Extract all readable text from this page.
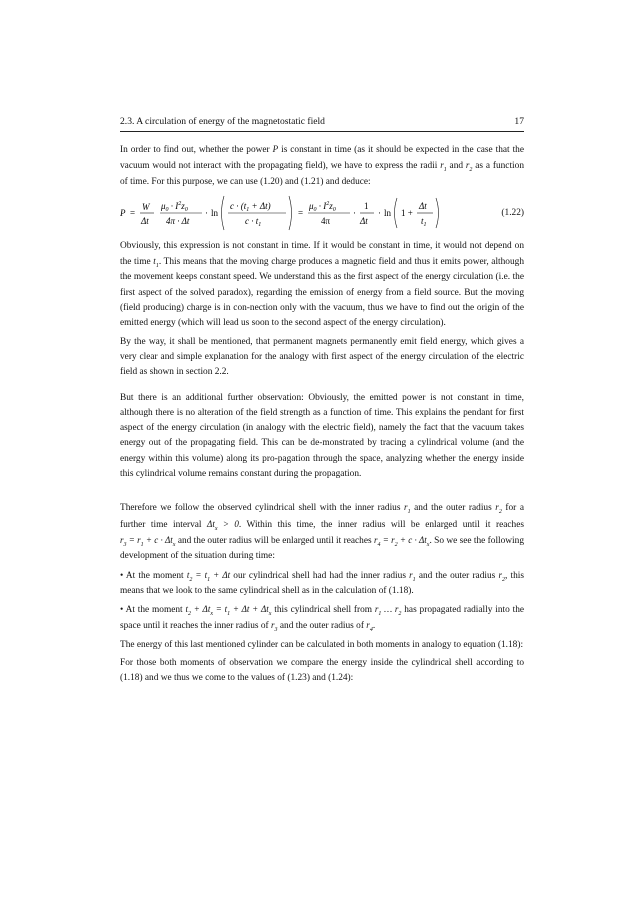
2.3. A circulation of energy of the magnetostatic field	17

In order to find out, whether the power P is constant in time (as it should be expected in the case that the vacuum would not interact with the propagating field), we have to express the radii $r_1$ and $r_2$ as a function of time. For this purpose, we can use (1.20) and (1.21) and deduce:

P =
W
Δt
$\mu_0 \cdot I^2z_0$
4π · Δt
· ln
$c \cdot (t_1 + \Delta t)$
$c \cdot t_1$
=
$\mu_0 \cdot I^2z_0$
4π
·
1
Δt
· ln 1 +
Δt
$t_1$
(1.22)

Obviously, this expression is not constant in time. If it would be constant in time, it would not depend on the time $t_1$. This means that the moving charge produces a magnetic field and thus it emits power, although the movement keeps constant speed. We understand this as the first aspect of the energy circulation (i.e. the first aspect of the solved paradox), regarding the emission of energy from a field source. But the moving (field producing) charge is in con-nection only with the vacuum, thus we have to find out the origin of the emitted energy (which will lead us soon to the second aspect of the energy circulation).

By the way, it shall be mentioned, that permanent magnets permanently emit field energy, which gives a very clear and simple explanation for the analogy with first aspect of the energy circulation of the electric field as shown in section 2.2.

But there is an additional further observation: Obviously, the emitted power is not constant in time, although there is no alteration of the field strength as a function of time. This explains the pendant for first aspect of the energy circulation (in analogy with the electric field), namely the fact that the vacuum takes energy out of the propagating field. This can be de-monstrated by tracing a cylindrical volume (and the energy within this volume) along its pro-pagation through the space, analyzing whether the energy inside this cylindrical volume remains constant during the propagation.

Therefore we follow the observed cylindrical shell with the inner radius $r_1$ and the outer radius $r_2$ for a further time interval $\Delta t_x > 0$. Within this time, the inner radius will be enlarged until it reaches $r_3 = r_1 + c \cdot \Delta t_x$ and the outer radius will be enlarged until it reaches $r_4 = r_2 + c \cdot \Delta t_x$. So we see the following development of the situation during time:

• At the moment $t_2 = t_1 + \Delta t$ our cylindrical shell had had the inner radius $r_1$ and the outer radius $r_2$, this means that we look to the same cylindrical shell as in the calculation of (1.18).

• At the moment $t_2 + \Delta t_x = t_1 + \Delta t + \Delta t_x$ this cylindrical shell from $r_1$ … $r_2$ has propagated radially into the space until it reaches the inner radius of $r_3$ and the outer radius of $r_4$.

The energy of this last mentioned cylinder can be calculated in both moments in analogy to equation (1.18):

For those both moments of observation we compare the energy inside the cylindrical shell according to (1.18) and we thus we come to the values of (1.23) and (1.24):
